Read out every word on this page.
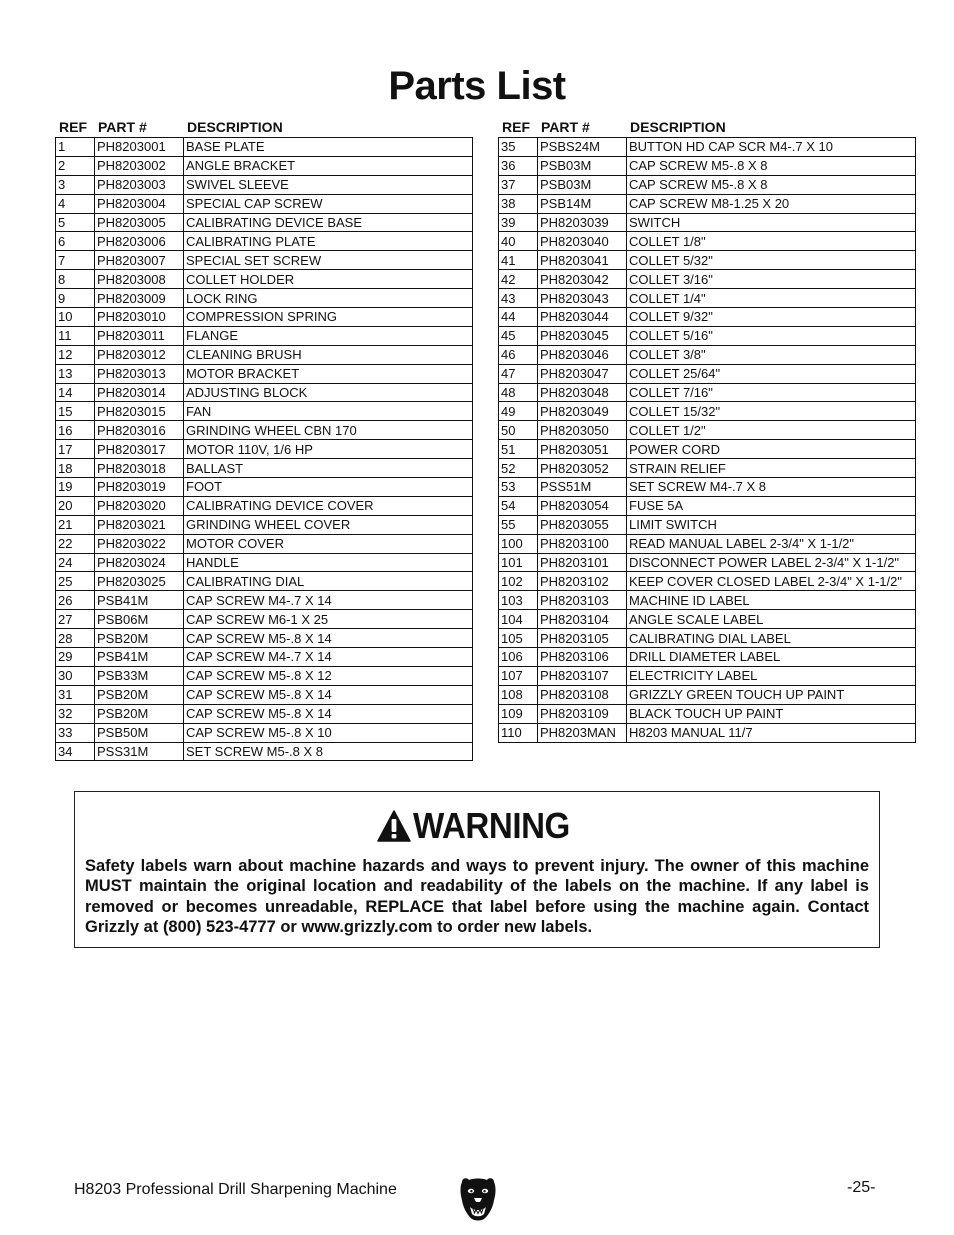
Parts List
REF PART #	DESCRIPTION
1	PH8203001	BASE PLATE
2	PH8203002	ANGLE BRACKET
3	PH8203003	SWIVEL SLEEVE
4	PH8203004	SPECIAL CAP SCREW
5	PH8203005	CALIBRATING DEVICE BASE
6	PH8203006	CALIBRATING PLATE
7	PH8203007	SPECIAL SET SCREW
8	PH8203008	COLLET HOLDER
9	PH8203009	LOCK RING
10	PH8203010	COMPRESSION SPRING
11	PH8203011	FLANGE
12	PH8203012	CLEANING BRUSH
13	PH8203013	MOTOR BRACKET
14	PH8203014	ADJUSTING BLOCK
15	PH8203015	FAN
16	PH8203016	GRINDING WHEEL CBN 170
17	PH8203017	MOTOR 110V, 1/6 HP
18	PH8203018	BALLAST
19	PH8203019	FOOT
20	PH8203020	CALIBRATING DEVICE COVER
21	PH8203021	GRINDING WHEEL COVER
22	PH8203022	MOTOR COVER
24	PH8203024	HANDLE
25	PH8203025	CALIBRATING DIAL
26	PSB41M	CAP SCREW M4-.7 X 14
27	PSB06M	CAP SCREW M6-1 X 25
28	PSB20M	CAP SCREW M5-.8 X 14
29	PSB41M	CAP SCREW M4-.7 X 14
30	PSB33M	CAP SCREW M5-.8 X 12
31	PSB20M	CAP SCREW M5-.8 X 14
32	PSB20M	CAP SCREW M5-.8 X 14
33	PSB50M	CAP SCREW M5-.8 X 10
34	PSS31M	SET SCREW M5-.8 X 8
REF PART #	DESCRIPTION
35	PSBS24M	BUTTON HD CAP SCR M4-.7 X 10
36	PSB03M	CAP SCREW M5-.8 X 8
37	PSB03M	CAP SCREW M5-.8 X 8
38	PSB14M	CAP SCREW M8-1.25 X 20
39	PH8203039	SWITCH
40	PH8203040	COLLET 1/8"
41	PH8203041	COLLET 5/32"
42	PH8203042	COLLET 3/16"
43	PH8203043	COLLET 1/4"
44	PH8203044	COLLET 9/32"
45	PH8203045	COLLET 5/16"
46	PH8203046	COLLET 3/8"
47	PH8203047	COLLET 25/64"
48	PH8203048	COLLET 7/16"
49	PH8203049	COLLET 15/32"
50	PH8203050	COLLET 1/2"
51	PH8203051	POWER CORD
52	PH8203052	STRAIN RELIEF
53	PSS51M	SET SCREW M4-.7 X 8
54	PH8203054	FUSE 5A
55	PH8203055	LIMIT SWITCH
100	PH8203100	READ MANUAL LABEL 2-3/4" X 1-1/2"
101	PH8203101	DISCONNECT POWER LABEL 2-3/4" X 1-1/2"
102	PH8203102	KEEP COVER CLOSED LABEL 2-3/4" X 1-1/2"
103	PH8203103	MACHINE ID LABEL
104	PH8203104	ANGLE SCALE LABEL
105	PH8203105	CALIBRATING DIAL LABEL
106	PH8203106	DRILL DIAMETER LABEL
107	PH8203107	ELECTRICITY LABEL
108	PH8203108	GRIZZLY GREEN TOUCH UP PAINT
109	PH8203109	BLACK TOUCH UP PAINT
110	PH8203MAN	H8203 MANUAL 11/7
WARNING

Safety labels warn about machine hazards and ways to prevent injury. The owner of this machine MUST maintain the original location and readability of the labels on the machine. If any label is removed or becomes unreadable, REPLACE that label before using the machine again. Contact Grizzly at (800) 523-4777 or www.grizzly.com to order new labels.

H8203 Professional Drill Sharpening Machine	-25-
